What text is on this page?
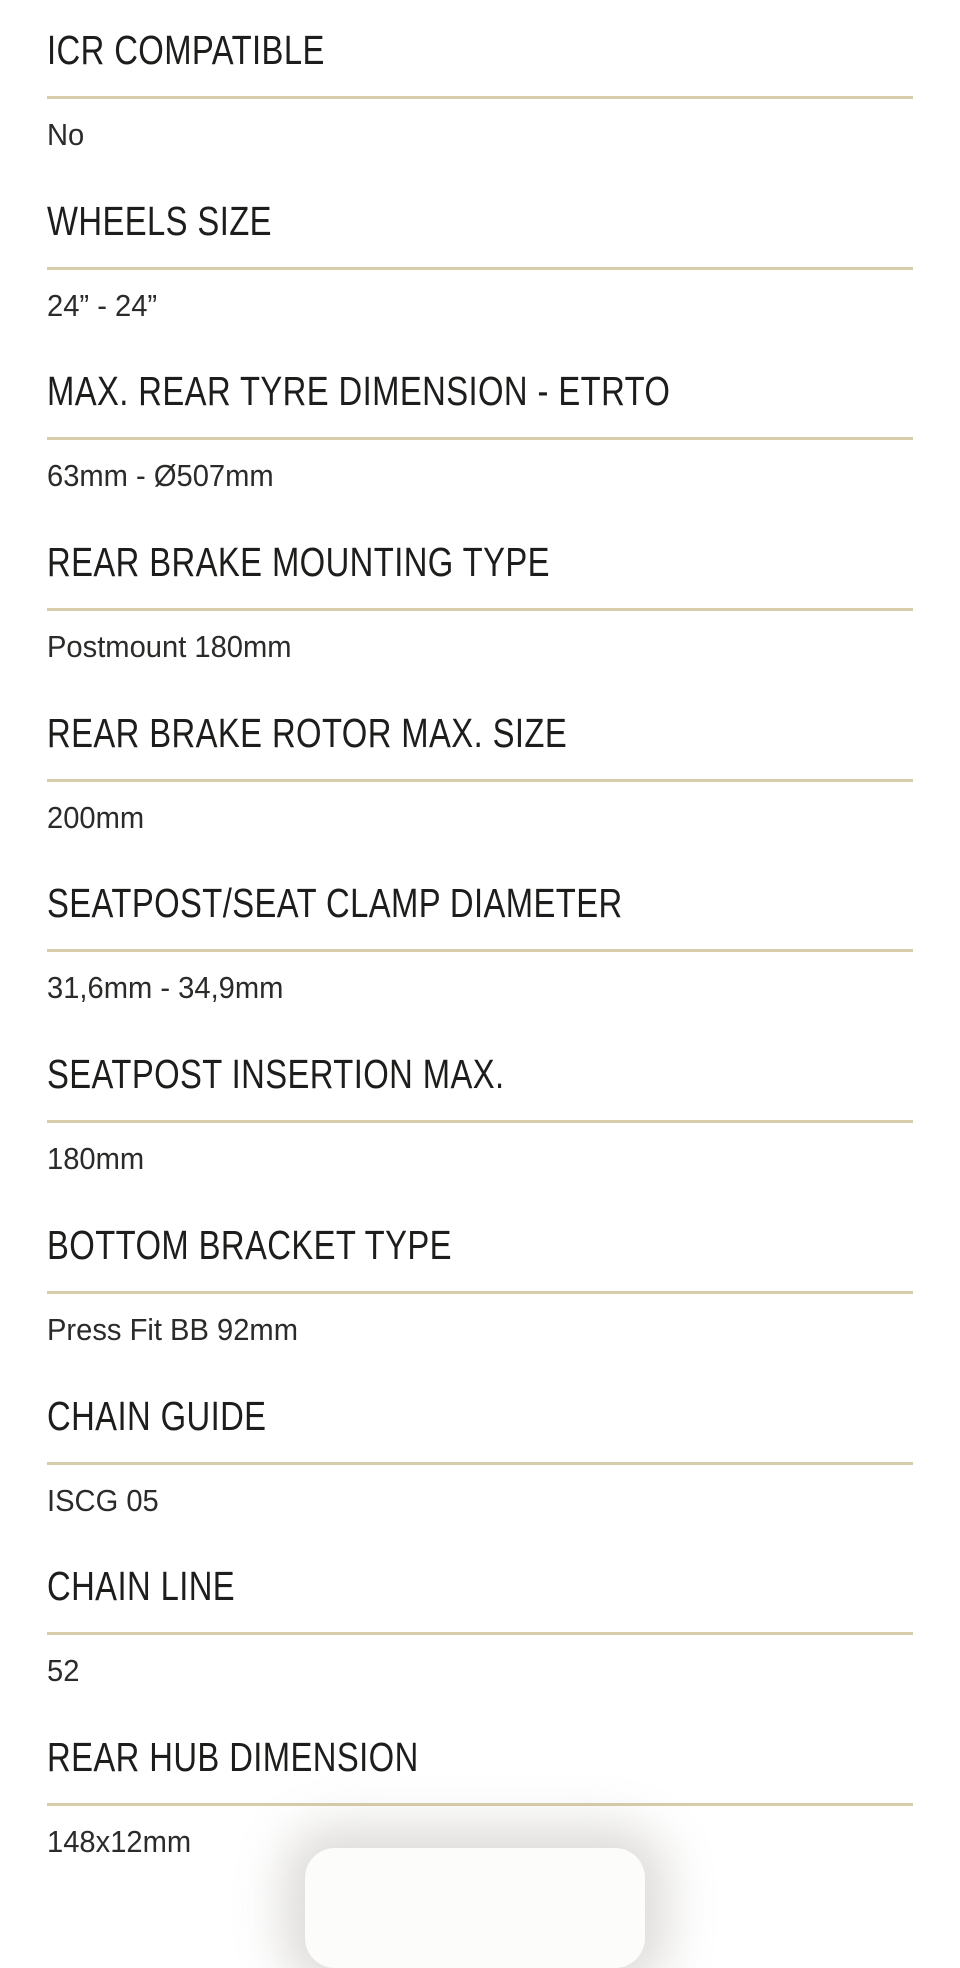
ICR COMPATIBLE

No

WHEELS SIZE

24” - 24”

MAX. REAR TYRE DIMENSION - ETRTO

63mm - Ø507mm

REAR BRAKE MOUNTING TYPE

Postmount 180mm

REAR BRAKE ROTOR MAX. SIZE

200mm

SEATPOST/SEAT CLAMP DIAMETER

31,6mm - 34,9mm

SEATPOST INSERTION MAX.

180mm

BOTTOM BRACKET TYPE

Press Fit BB 92mm

CHAIN GUIDE

ISCG 05

CHAIN LINE

52

REAR HUB DIMENSION

148x12mm
